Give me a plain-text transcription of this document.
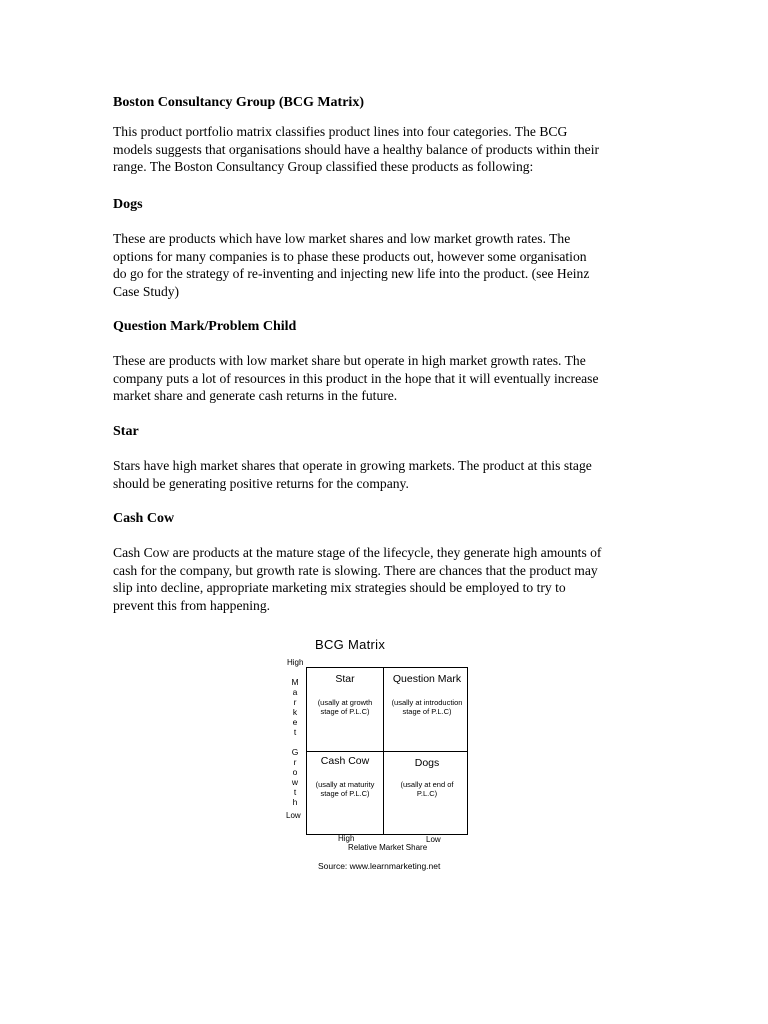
Boston Consultancy Group (BCG Matrix)

This product portfolio matrix classifies product lines into four categories. The BCG
models suggests that organisations should have a healthy balance of products within their
range. The Boston Consultancy Group classified these products as following:

Dogs

These are products which have low market shares and low market growth rates. The
options for many companies is to phase these products out, however some organisation
do go for the strategy of re-inventing and injecting new life into the product. (see Heinz
Case Study)

Question Mark/Problem Child

These are products with low market share but operate in high market growth rates. The
company puts a lot of resources in this product in the hope that it will eventually increase
market share and generate cash returns in the future.

Star

Stars have high market shares that operate in growing markets. The product at this stage
should be generating positive returns for the company.

Cash Cow

Cash Cow are products at the mature stage of the lifecycle, they generate high amounts of
cash for the company, but growth rate is slowing. There are chances that the product may
slip into decline, appropriate marketing mix strategies should be employed to try to
prevent this from happening.

BCG Matrix
High
M
a
r
k
e
t
G
r
o
w
t
h
Low
Star
(usally at growth
stage of P.L.C)
Question Mark
(usally at introduction
stage of P.L.C)
Cash Cow
(usally at maturity
stage of P.L.C)
Dogs
(usally at end of
P.L.C)
High	Low
Relative Market Share
Source: www.learnmarketing.net
